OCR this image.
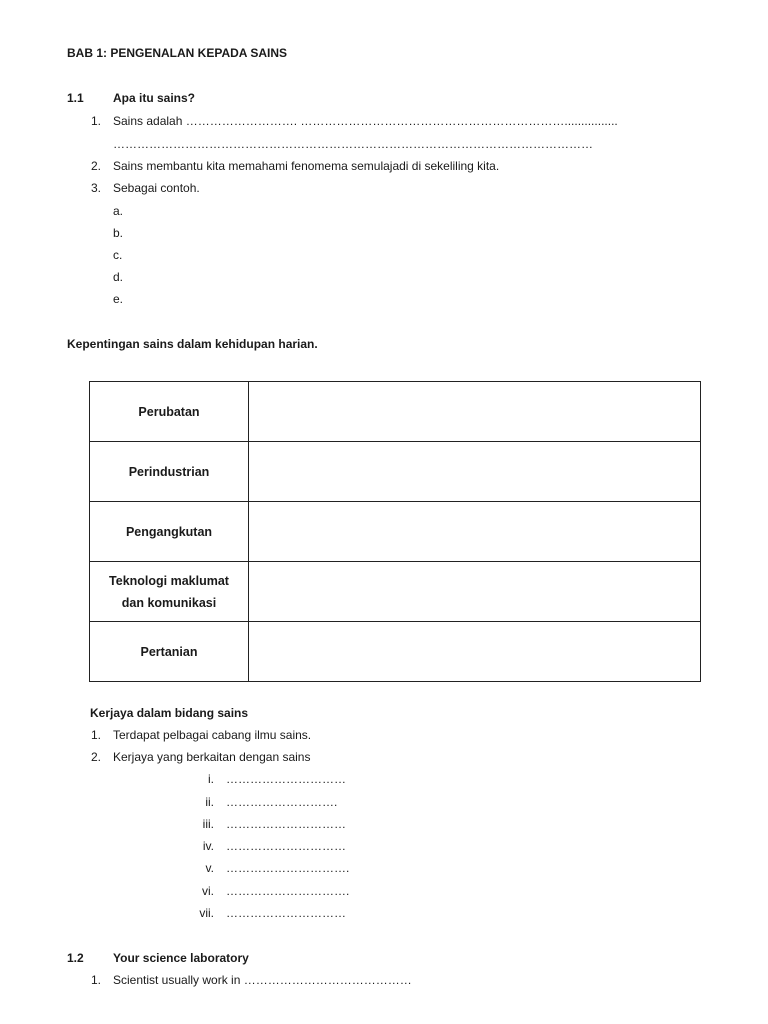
BAB 1: PENGENALAN KEPADA SAINS
1.1 Apa itu sains?
1. Sains adalah ………………………. …………………………………………………………................
…………………………………………………………………………………………………………
2. Sains membantu kita memahami fenomema semulajadi di sekeliling kita.
3. Sebagai contoh.
a.
b.
c.
d.
e.
Kepentingan sains dalam kehidupan harian.
Perubatan	
Perindustrian	
Pengangkutan	
Teknologi maklumat
dan komunikasi	
Pertanian	
Kerjaya dalam bidang sains
1. Terdapat pelbagai cabang ilmu sains.
2. Kerjaya yang berkaitan dengan sains
i. …………………………
ii. ……………………….
iii. …………………………
iv. …………………………
v. ………………………….
vi. ………………………….
vii. …………………………
1.2 Your science laboratory
1. Scientist usually work in ……………………………………
